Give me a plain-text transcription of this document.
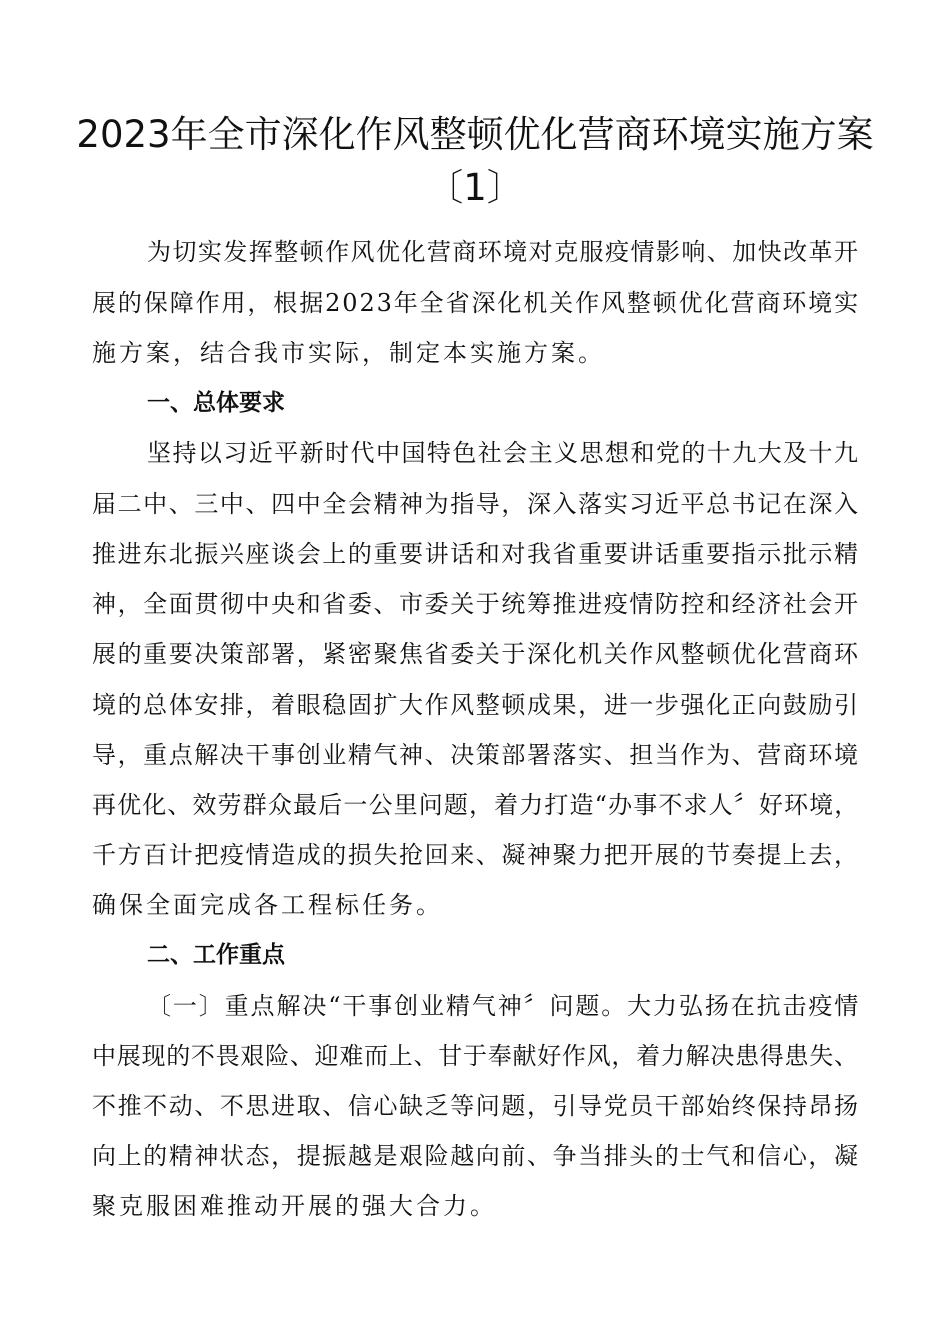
2023年全市深化作风整顿优化营商环境实施方案
〔1〕
为切实发挥整顿作风优化营商环境对克服疫情影响、加快改革开
展的保障作用，根据2023年全省深化机关作风整顿优化营商环境实
施方案，结合我市实际，制定本实施方案。
一、总体要求
坚持以习近平新时代中国特色社会主义思想和党的十九大及十九
届二中、三中、四中全会精神为指导，深入落实习近平总书记在深入
推进东北振兴座谈会上的重要讲话和对我省重要讲话重要指示批示精
神，全面贯彻中央和省委、市委关于统筹推进疫情防控和经济社会开
展的重要决策部署，紧密聚焦省委关于深化机关作风整顿优化营商环
境的总体安排，着眼稳固扩大作风整顿成果，进一步强化正向鼓励引
导，重点解决干事创业精气神、决策部署落实、担当作为、营商环境
再优化、效劳群众最后一公里问题，着力打造“办事不求人〞好环境，
千方百计把疫情造成的损失抢回来、凝神聚力把开展的节奏提上去，
确保全面完成各工程标任务。
二、工作重点
〔一〕重点解决“干事创业精气神〞问题。大力弘扬在抗击疫情
中展现的不畏艰险、迎难而上、甘于奉献好作风，着力解决患得患失、
不推不动、不思进取、信心缺乏等问题，引导党员干部始终保持昂扬
向上的精神状态，提振越是艰险越向前、争当排头的士气和信心，凝
聚克服困难推动开展的强大合力。
